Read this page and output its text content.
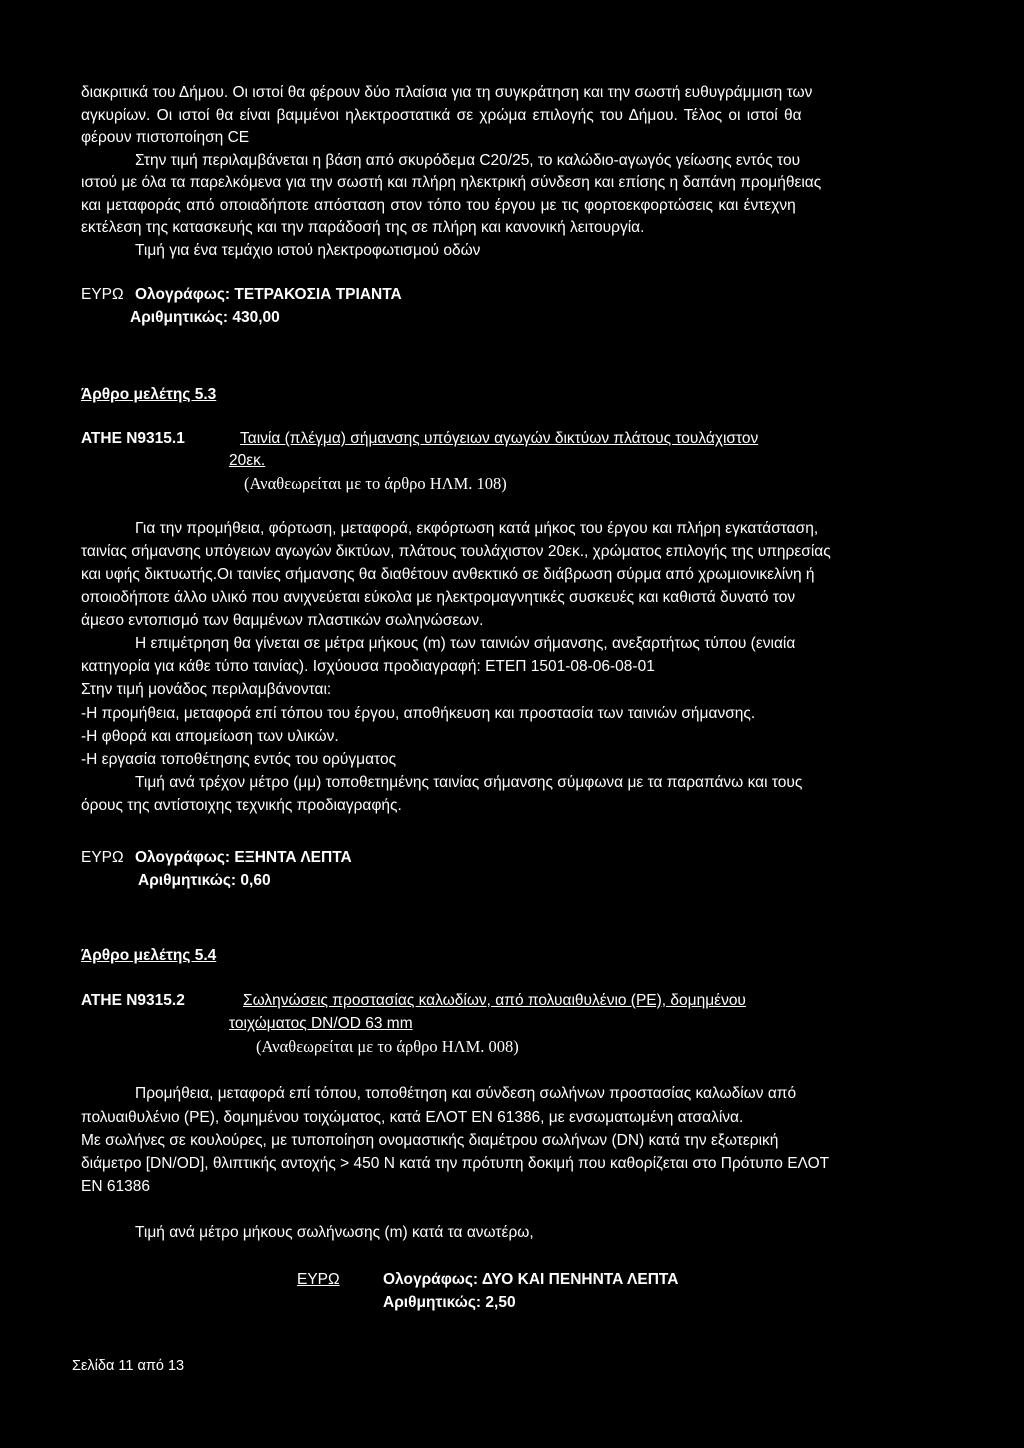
διακριτικά του Δήμου. Οι ιστοί θα φέρουν δύο πλαίσια για τη συγκράτηση και την σωστή ευθυγράμμιση των
αγκυρίων. Οι ιστοί θα είναι βαμμένοι ηλεκτροστατικά σε χρώμα επιλογής του Δήμου. Τέλος οι ιστοί θα
φέρουν πιστοποίηση CE
Στην τιμή περιλαμβάνεται η βάση από σκυρόδεμα C20/25, το καλώδιο-αγωγός γείωσης εντός του
ιστού με όλα τα παρελκόμενα για την σωστή και πλήρη ηλεκτρική σύνδεση και επίσης η δαπάνη προμήθειας
και μεταφοράς από οποιαδήποτε απόσταση στον τόπο του έργου με τις φορτοεκφορτώσεις και έντεχνη
εκτέλεση της κατασκευής και την παράδοσή της σε πλήρη και κανονική λειτουργία.
Τιμή για ένα τεμάχιο ιστού ηλεκτροφωτισμού οδών
ΕΥΡΩ Ολογράφως: ΤΕΤΡΑΚΟΣΙΑ ΤΡΙΑΝΤΑ
Αριθμητικώς: 430,00
Άρθρο μελέτης 5.3
ΑΤΗΕ Ν9315.1	Ταινία (πλέγμα) σήμανσης υπόγειων αγωγών δικτύων πλάτους τουλάχιστον
20εκ.
(Αναθεωρείται με το άρθρο ΗΛΜ. 108)
Για την προμήθεια, φόρτωση, μεταφορά, εκφόρτωση κατά μήκος του έργου και πλήρη εγκατάσταση,
ταινίας σήμανσης υπόγειων αγωγών δικτύων, πλάτους τουλάχιστον 20εκ., χρώματος επιλογής της υπηρεσίας
και υφής δικτυωτής.Οι ταινίες σήμανσης θα διαθέτουν ανθεκτικό σε διάβρωση σύρμα από χρωμιονικελίνη ή
οποιοδήποτε άλλο υλικό που ανιχνεύεται εύκολα με ηλεκτρομαγνητικές συσκευές και καθιστά δυνατό τον
άμεσο εντοπισμό των θαμμένων πλαστικών σωληνώσεων.
Η επιμέτρηση θα γίνεται σε μέτρα μήκους (m) των ταινιών σήμανσης, ανεξαρτήτως τύπου (ενιαία
κατηγορία για κάθε τύπο ταινίας). Ισχύουσα προδιαγραφή: ΕΤΕΠ 1501-08-06-08-01
Στην τιμή μονάδος περιλαμβάνονται:
-Η προμήθεια, μεταφορά επί τόπου του έργου, αποθήκευση και προστασία των ταινιών σήμανσης.
-Η φθορά και απομείωση των υλικών.
-Η εργασία τοποθέτησης εντός του ορύγματος
Τιμή ανά τρέχον μέτρο (μμ) τοποθετημένης ταινίας σήμανσης σύμφωνα με τα παραπάνω και τους
όρους της αντίστοιχης τεχνικής προδιαγραφής.
ΕΥΡΩ Ολογράφως: ΕΞΗΝΤΑ ΛΕΠΤΑ
Αριθμητικώς: 0,60
Άρθρο μελέτης 5.4
ΑΤΗΕ Ν9315.2	Σωληνώσεις προστασίας καλωδίων, από πολυαιθυλένιο (PE), δομημένου
τοιχώματος DN/OD 63 mm
(Αναθεωρείται με το άρθρο ΗΛΜ. 008)
Προμήθεια, μεταφορά επί τόπου, τοποθέτηση και σύνδεση σωλήνων προστασίας καλωδίων από
πολυαιθυλένιο (PE), δομημένου τοιχώματος, κατά ΕΛΟΤ ΕΝ 61386, με ενσωματωμένη ατσαλίνα.
Με σωλήνες σε κουλούρες, με τυποποίηση ονομαστικής διαμέτρου σωλήνων (DN) κατά την εξωτερική
διάμετρο [DN/OD], θλιπτικής αντοχής > 450 Ν κατά την πρότυπη δοκιμή που καθορίζεται στο Πρότυπο ΕΛΟΤ
ΕΝ 61386
Τιμή ανά μέτρο μήκους σωλήνωσης (m) κατά τα ανωτέρω,
ΕΥΡΩ	Ολογράφως: ΔΥΟ ΚΑΙ ΠΕΝΗΝΤΑ ΛΕΠΤΑ
Αριθμητικώς: 2,50
Σελίδα 11 από 13
